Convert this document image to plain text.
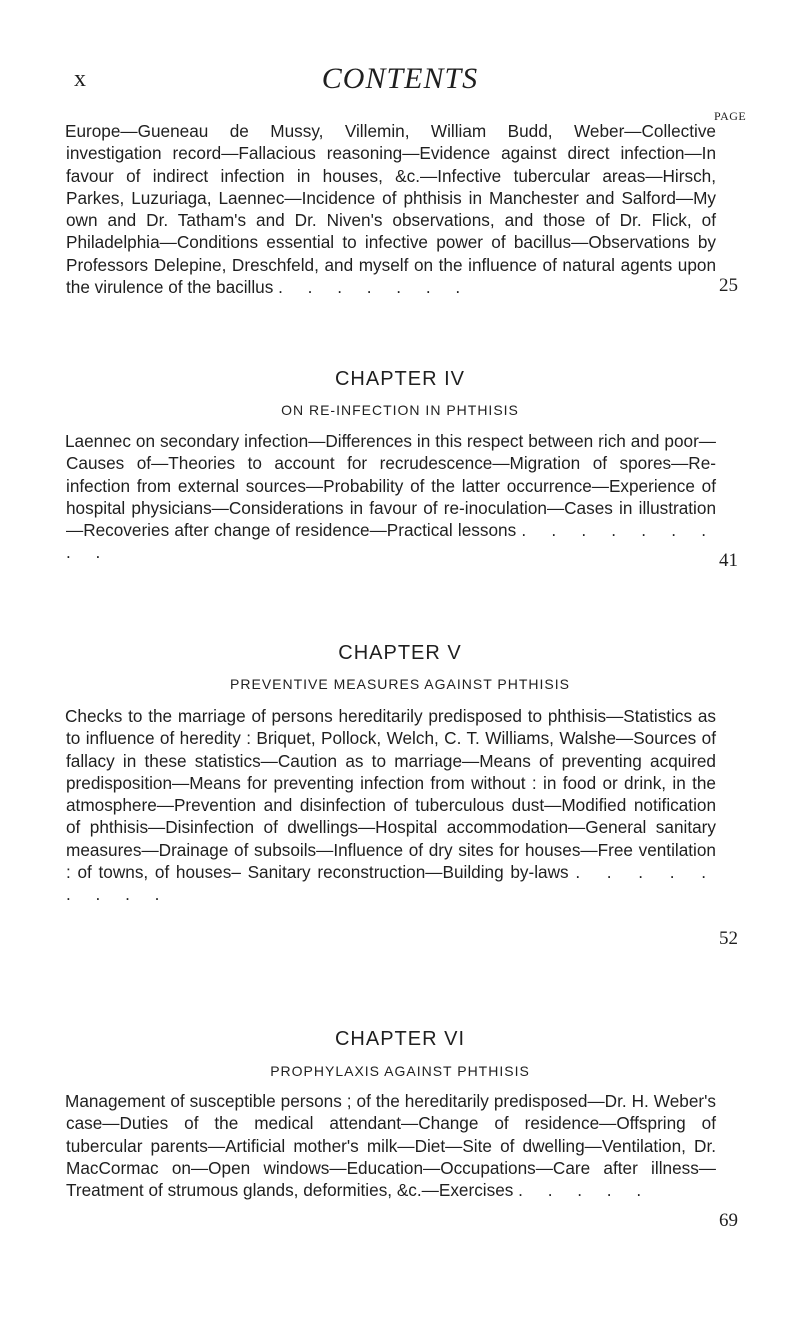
x	CONTENTS
PAGE
25
Europe—Gueneau de Mussy, Villemin, William Budd, Weber—Collective investigation record—Fallacious reasoning—Evidence against direct infection—In favour of indirect infection in houses, &c.—Infective tubercular areas—Hirsch, Parkes, Luzuriaga, Laennec—Incidence of phthisis in Manchester and Salford—My own and Dr. Tatham's and Dr. Niven's observations, and those of Dr. Flick, of Philadelphia—Conditions essential to infective power of bacillus—Observations by Professors Delepine, Dreschfeld, and myself on the influence of natural agents upon the virulence of the bacillus . . . . . . .
CHAPTER IV
ON RE-INFECTION IN PHTHISIS
41
Laennec on secondary infection—Differences in this respect between rich and poor—Causes of—Theories to account for recrudescence—Migration of spores—Re-infection from external sources—Probability of the latter occurrence—Experience of hospital physicians—Considerations in favour of re-inoculation—Cases in illustration—Recoveries after change of residence—Practical lessons . . . . . . . . .
CHAPTER V
PREVENTIVE MEASURES AGAINST PHTHISIS
52
Checks to the marriage of persons hereditarily predisposed to phthisis—Statistics as to influence of heredity : Briquet, Pollock, Welch, C. T. Williams, Walshe—Sources of fallacy in these statistics—Caution as to marriage—Means of preventing acquired predisposition—Means for preventing infection from without : in food or drink, in the atmosphere—Prevention and disinfection of tuberculous dust—Modified notification of phthisis—Disinfection of dwellings—Hospital accommodation—General sanitary measures—Drainage of subsoils—Influence of dry sites for houses—Free ventilation : of towns, of houses– Sanitary reconstruction—Building by-laws . . . . . . . . .
CHAPTER VI
PROPHYLAXIS AGAINST PHTHISIS
69
Management of susceptible persons ; of the hereditarily predisposed—Dr. H. Weber's case—Duties of the medical attendant—Change of residence—Offspring of tubercular parents—Artificial mother's milk—Diet—Site of dwelling—Ventilation, Dr. MacCormac on—Open windows—Education—Occupations—Care after illness—Treatment of strumous glands, deformities, &c.—Exercises . . . . .
